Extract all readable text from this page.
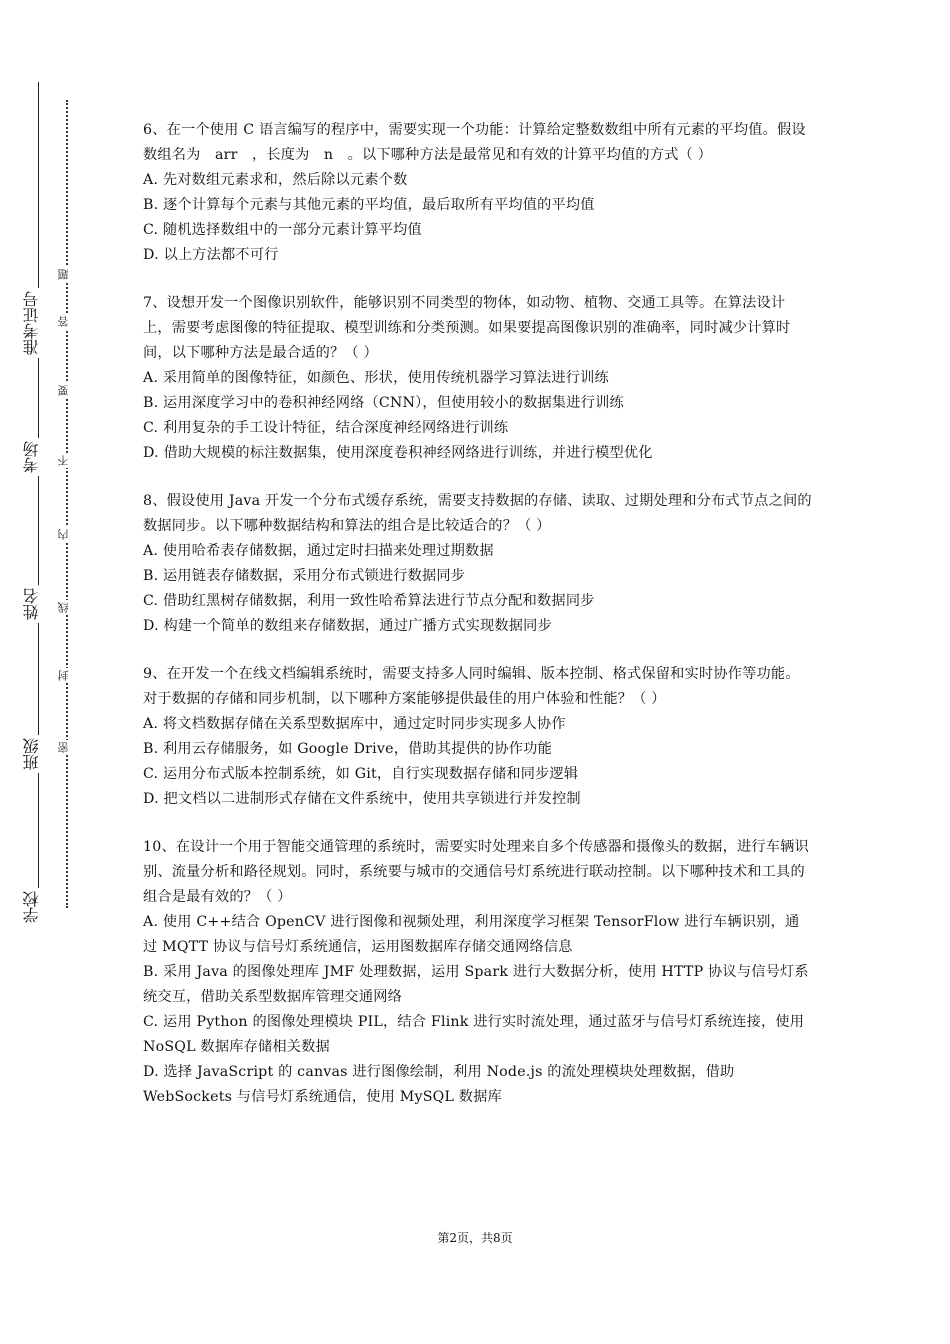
准考证号
考场
姓名
班级
学校
题
答
要
不
内
线
封
密

6、在一个使用 C 语言编写的程序中，需要实现一个功能：计算给定整数数组中所有元素的平均值。假设数组名为　arr　，长度为　n　。以下哪种方法是最常见和有效的计算平均值的方式（ ）

A. 先对数组元素求和，然后除以元素个数

B. 逐个计算每个元素与其他元素的平均值，最后取所有平均值的平均值

C. 随机选择数组中的一部分元素计算平均值

D. 以上方法都不可行

7、设想开发一个图像识别软件，能够识别不同类型的物体，如动物、植物、交通工具等。在算法设计上，需要考虑图像的特征提取、模型训练和分类预测。如果要提高图像识别的准确率，同时减少计算时间，以下哪种方法是最合适的？（ ）

A. 采用简单的图像特征，如颜色、形状，使用传统机器学习算法进行训练

B. 运用深度学习中的卷积神经网络（CNN），但使用较小的数据集进行训练

C. 利用复杂的手工设计特征，结合深度神经网络进行训练

D. 借助大规模的标注数据集，使用深度卷积神经网络进行训练，并进行模型优化

8、假设使用 Java 开发一个分布式缓存系统，需要支持数据的存储、读取、过期处理和分布式节点之间的数据同步。以下哪种数据结构和算法的组合是比较适合的？（ ）

A. 使用哈希表存储数据，通过定时扫描来处理过期数据

B. 运用链表存储数据，采用分布式锁进行数据同步

C. 借助红黑树存储数据，利用一致性哈希算法进行节点分配和数据同步

D. 构建一个简单的数组来存储数据，通过广播方式实现数据同步

9、在开发一个在线文档编辑系统时，需要支持多人同时编辑、版本控制、格式保留和实时协作等功能。对于数据的存储和同步机制，以下哪种方案能够提供最佳的用户体验和性能？（ ）

A. 将文档数据存储在关系型数据库中，通过定时同步实现多人协作

B. 利用云存储服务，如 Google Drive，借助其提供的协作功能

C. 运用分布式版本控制系统，如 Git，自行实现数据存储和同步逻辑

D. 把文档以二进制形式存储在文件系统中，使用共享锁进行并发控制

10、在设计一个用于智能交通管理的系统时，需要实时处理来自多个传感器和摄像头的数据，进行车辆识别、流量分析和路径规划。同时，系统要与城市的交通信号灯系统进行联动控制。以下哪种技术和工具的组合是最有效的？（ ）

A. 使用 C++结合 OpenCV 进行图像和视频处理，利用深度学习框架 TensorFlow 进行车辆识别，通过 MQTT 协议与信号灯系统通信，运用图数据库存储交通网络信息

B. 采用 Java 的图像处理库 JMF 处理数据，运用 Spark 进行大数据分析，使用 HTTP 协议与信号灯系统交互，借助关系型数据库管理交通网络

C. 运用 Python 的图像处理模块 PIL，结合 Flink 进行实时流处理，通过蓝牙与信号灯系统连接，使用 NoSQL 数据库存储相关数据

D. 选择 JavaScript 的 canvas 进行图像绘制，利用 Node.js 的流处理模块处理数据，借助 WebSockets 与信号灯系统通信，使用 MySQL 数据库

第2页，共8页
